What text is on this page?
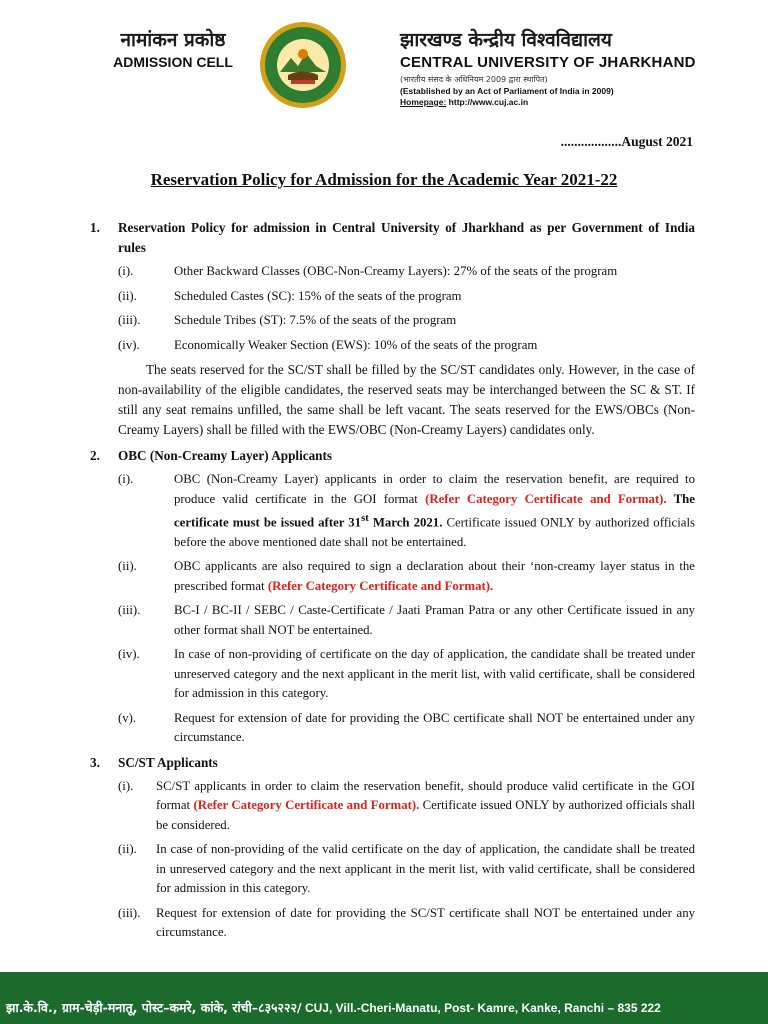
नामांकन प्रकोष्ठ
ADMISSION CELL
झारखण्ड केन्द्रीय विश्वविद्यालय
CENTRAL UNIVERSITY OF JHARKHAND
(भारतीय संसद के अधिनियम 2009 द्वारा स्थापित)
(Established by an Act of Parliament of India in 2009)
Homepage: http://www.cuj.ac.in
..................August 2021
Reservation Policy for Admission for the Academic Year 2021-22
1. Reservation Policy for admission in Central University of Jharkhand as per Government of India rules
(i).	Other Backward Classes (OBC-Non-Creamy Layers): 27% of the seats of the program
(ii).	Scheduled Castes (SC): 15% of the seats of the program
(iii).	Schedule Tribes (ST): 7.5% of the seats of the program
(iv).	Economically Weaker Section (EWS): 10% of the seats of the program
The seats reserved for the SC/ST shall be filled by the SC/ST candidates only. However, in the case of non-availability of the eligible candidates, the reserved seats may be interchanged between the SC & ST. If still any seat remains unfilled, the same shall be left vacant. The seats reserved for the EWS/OBCs (Non-Creamy Layers) shall be filled with the EWS/OBC (Non-Creamy Layers) candidates only.
2. OBC (Non-Creamy Layer) Applicants
(i).	OBC (Non-Creamy Layer) applicants in order to claim the reservation benefit, are required to produce valid certificate in the GOI format (Refer Category Certificate and Format). The certificate must be issued after 31st March 2021. Certificate issued ONLY by authorized officials before the above mentioned date shall not be entertained.
(ii).	OBC applicants are also required to sign a declaration about their ‘non-creamy layer status in the prescribed format (Refer Category Certificate and Format).
(iii).	BC-I / BC-II / SEBC / Caste-Certificate / Jaati Praman Patra or any other Certificate issued in any other format shall NOT be entertained.
(iv).	In case of non-providing of certificate on the day of application, the candidate shall be treated under unreserved category and the next applicant in the merit list, with valid certificate, shall be considered for admission in this category.
(v).	Request for extension of date for providing the OBC certificate shall NOT be entertained under any circumstance.
3. SC/ST Applicants
(i). SC/ST applicants in order to claim the reservation benefit, should produce valid certificate in the GOI format (Refer Category Certificate and Format). Certificate issued ONLY by authorized officials shall be considered.
(ii). In case of non-providing of the valid certificate on the day of application, the candidate shall be treated in unreserved category and the next applicant in the merit list, with valid certificate, shall be considered for admission in this category.
(iii). Request for extension of date for providing the SC/ST certificate shall NOT be entertained under any circumstance.
झा.के.वि., ग्राम-चेड़ी-मनातू, पोस्ट–कमरे, कांके, रांची–८३५२२२/ CUJ, Vill.-Cheri-Manatu, Post- Kamre, Kanke, Ranchi – 835 222
